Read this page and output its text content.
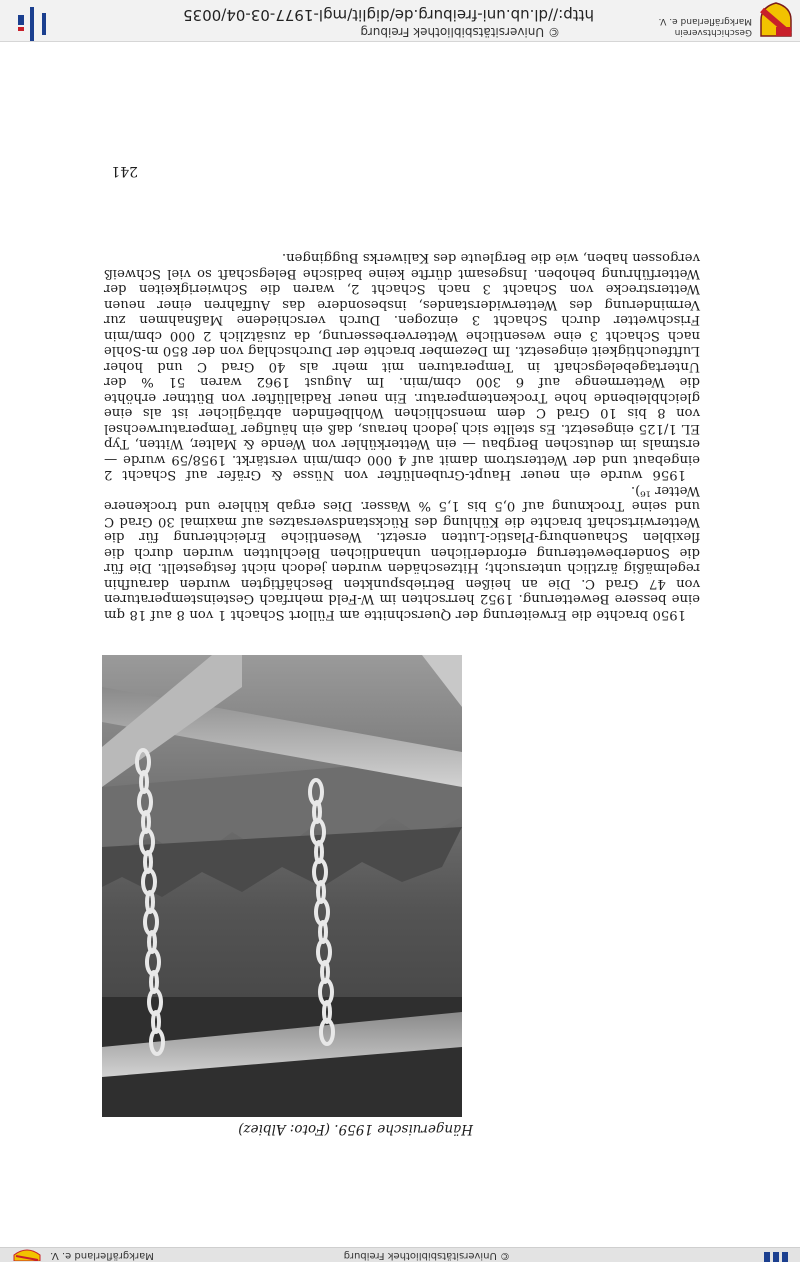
© Universitätsbibliothek Freiburg
Markgräflerland e. V.
Hängeruische 1959. (Foto: Albiez)

1950 brachte die Erweiterung der Querschnitte am Füllort Schacht 1 von 8 auf 18 qm eine bessere Bewetterung. 1952 herrschten im W-Feld mehrfach Gesteinstemperaturen von 47 Grad C. Die an heißen Betriebspunkten Beschäftigten wurden daraufhin regelmäßig ärztlich untersucht; Hitzeschäden wurden jedoch nicht festgestellt. Die für die Sonderbewetterung erforderlichen unhandlichen Blechlutten wurden durch die flexiblen Schauenburg-Plastic-Lutten ersetzt. Wesentliche Erleichterung für die Wetterwirtschaft brachte die Kühlung des Rückstandsversatzes auf maximal 30 Grad C und seine Trocknung auf 0,5 bis 1,5 % Wasser. Dies ergab kühlere und trockenere Wetter ¹⁶).

1956 wurde ein neuer Haupt-Grubenlüfter von Nüsse & Gräfer auf Schacht 2 eingebaut und der Wetterstrom damit auf 4 000 cbm/min verstärkt. 1958/59 wurde — erstmals im deutschen Bergbau — ein Wetterkühler von Wende & Malter, Witten, Typ EL 1/125 eingesetzt. Es stellte sich jedoch heraus, daß ein häufiger Temperaturwechsel von 8 bis 10 Grad C dem menschlichen Wohlbefinden abträglicher ist als eine gleichbleibende hohe Trockentemperatur. Ein neuer Radiallüfter von Büttner erhöhte die Wettermenge auf 6 300 cbm/min. Im August 1962 waren 51 % der Untertagebelegschaft in Temperaturen mit mehr als 40 Grad C und hoher Luftfeuchtigkeit eingesetzt. Im Dezember brachte der Durchschlag von der 850 m-Sohle nach Schacht 3 eine wesentliche Wetterverbesserung, da zusätzlich 2 000 cbm/min Frischwetter durch Schacht 3 einzogen. Durch verschiedene Maßnahmen zur Verminderung des Wetterwiderstandes, insbesondere das Auffahren einer neuen Wetterstrecke von Schacht 3 nach Schacht 2, waren die Schwierigkeiten der Wetterführung behoben. Insgesamt dürfte keine badische Belegschaft so viel Schweiß vergossen haben, wie die Bergleute des Kaliwerks Buggingen.

241
Geschichtsverein
Markgräflerland e. V.
© Universitätsbibliothek Freiburg
http://dl.ub.uni-freiburg.de/diglit/mgl-1977-03-04/0035
